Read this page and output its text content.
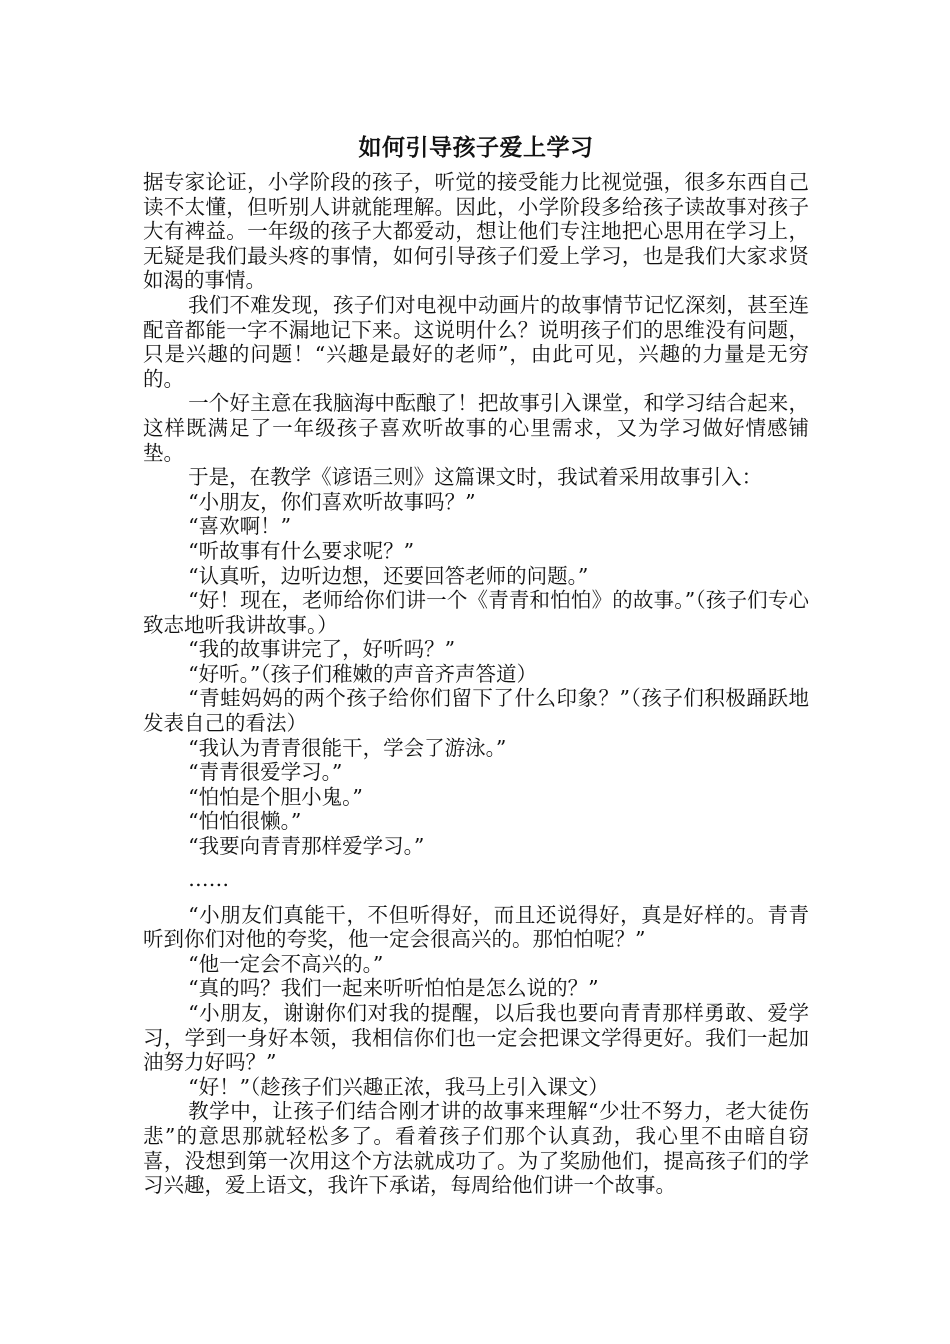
如何引导孩子爱上学习

据专家论证，小学阶段的孩子，听觉的接受能力比视觉强，很多东西自己读不太懂，但听别人讲就能理解。因此，小学阶段多给孩子读故事对孩子大有裨益。一年级的孩子大都爱动，想让他们专注地把心思用在学习上，无疑是我们最头疼的事情，如何引导孩子们爱上学习，也是我们大家求贤如渴的事情。

我们不难发现，孩子们对电视中动画片的故事情节记忆深刻，甚至连配音都能一字不漏地记下来。这说明什么？说明孩子们的思维没有问题，只是兴趣的问题！“兴趣是最好的老师”，由此可见，兴趣的力量是无穷的。

一个好主意在我脑海中酝酿了！把故事引入课堂，和学习结合起来，这样既满足了一年级孩子喜欢听故事的心里需求，又为学习做好情感铺垫。

于是，在教学《谚语三则》这篇课文时，我试着采用故事引入：

“小朋友，你们喜欢听故事吗？”

“喜欢啊！”

“听故事有什么要求呢？”

“认真听，边听边想，还要回答老师的问题。”

“好！现在，老师给你们讲一个《青青和怕怕》的故事。”（孩子们专心致志地听我讲故事。）

“我的故事讲完了，好听吗？”

“好听。”（孩子们稚嫩的声音齐声答道）

“青蛙妈妈的两个孩子给你们留下了什么印象？”（孩子们积极踊跃地发表自己的看法）

“我认为青青很能干，学会了游泳。”

“青青很爱学习。”

“怕怕是个胆小鬼。”

“怕怕很懒。”

“我要向青青那样爱学习。”

……

“小朋友们真能干，不但听得好，而且还说得好，真是好样的。青青听到你们对他的夸奖，他一定会很高兴的。那怕怕呢？”

“他一定会不高兴的。”

“真的吗？我们一起来听听怕怕是怎么说的？”

“小朋友，谢谢你们对我的提醒，以后我也要向青青那样勇敢、爱学习，学到一身好本领，我相信你们也一定会把课文学得更好。我们一起加油努力好吗？”

“好！”（趁孩子们兴趣正浓，我马上引入课文）

教学中，让孩子们结合刚才讲的故事来理解“少壮不努力，老大徒伤悲”的意思那就轻松多了。看着孩子们那个认真劲，我心里不由暗自窃喜，没想到第一次用这个方法就成功了。为了奖励他们，提高孩子们的学习兴趣，爱上语文，我许下承诺，每周给他们讲一个故事。
